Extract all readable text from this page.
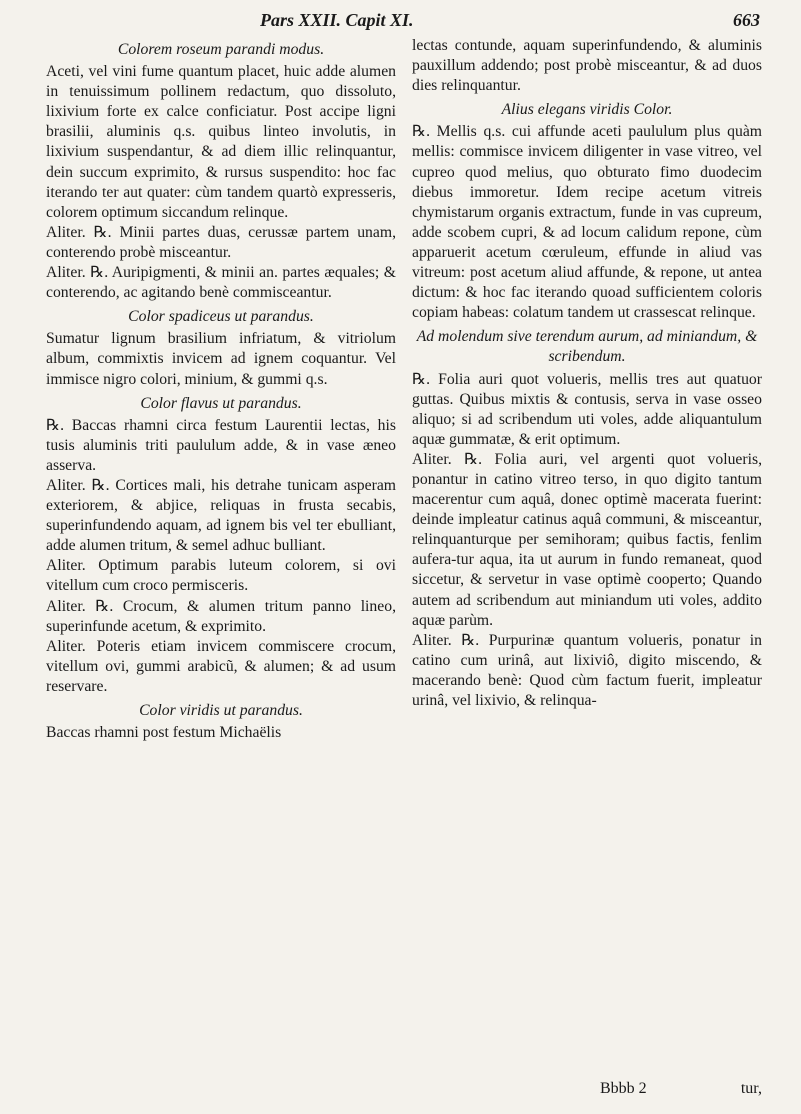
Pars XXII. Capit XI.	663

Colorem roseum parandi modus.

Aceti, vel vini fume quantum placet, huic adde alumen in tenuissimum pollinem redactum, quo dissoluto, lixivium forte ex calce conficiatur. Post accipe ligni brasilii, aluminis q.s. quibus linteo involutis, in lixivium suspendantur, & ad diem illic relinquantur, dein succum exprimito, & rursus suspendito: hoc fac iterando ter aut quater: cùm tandem quartò expresseris, colorem optimum siccandum relinque.

Aliter. ℞. Minii partes duas, cerussæ partem unam, conterendo probè misceantur.

Aliter. ℞. Auripigmenti, & minii an. partes æquales; & conterendo, ac agitando benè commisceantur.

Color spadiceus ut parandus.

Sumatur lignum brasilium infriatum, & vitriolum album, commixtis invicem ad ignem coquantur. Vel immisce nigro colori, minium, & gummi q.s.

Color flavus ut parandus.

℞. Baccas rhamni circa festum Laurentii lectas, his tusis aluminis triti paululum adde, & in vase æneo asserva.

Aliter. ℞. Cortices mali, his detrahe tunicam asperam exteriorem, & abjice, reliquas in frusta secabis, superinfundendo aquam, ad ignem bis vel ter ebulliant, adde alumen tritum, & semel adhuc bulliant.

Aliter. Optimum parabis luteum colorem, si ovi vitellum cum croco permisceris.

Aliter. ℞. Crocum, & alumen tritum panno lineo, superinfunde acetum, & exprimito.

Aliter. Poteris etiam invicem commiscere crocum, vitellum ovi, gummi arabicũ, & alumen; & ad usum reservare.

Color viridis ut parandus.

Baccas rhamni post festum Michaëlis

lectas contunde, aquam superinfundendo, & aluminis pauxillum addendo; post probè misceantur, & ad duos dies relinquantur.

Alius elegans viridis Color.

℞. Mellis q.s. cui affunde aceti paululum plus quàm mellis: commisce invicem diligenter in vase vitreo, vel cupreo quod melius, quo obturato fimo duodecim diebus immoretur. Idem recipe acetum vitreis chymistarum organis extractum, funde in vas cupreum, adde scobem cupri, & ad locum calidum repone, cùm apparuerit acetum cœruleum, effunde in aliud vas vitreum: post acetum aliud affunde, & repone, ut antea dictum: & hoc fac iterando quoad sufficientem coloris copiam habeas: colatum tandem ut crassescat relinque.

Ad molendum sive terendum aurum, ad miniandum, & scribendum.

℞. Folia auri quot volueris, mellis tres aut quatuor guttas. Quibus mixtis & contusis, serva in vase osseo aliquo; si ad scribendum uti voles, adde aliquantulum aquæ gummatæ, & erit optimum.

Aliter. ℞. Folia auri, vel argenti quot volueris, ponantur in catino vitreo terso, in quo digito tantum macerentur cum aquâ, donec optimè macerata fuerint: deinde impleatur catinus aquâ communi, & misceantur, relinquanturque per semihoram; quibus factis, fenlim aufera-tur aqua, ita ut aurum in fundo remaneat, quod siccetur, & servetur in vase optimè cooperto; Quando autem ad scribendum aut miniandum uti voles, addito aquæ parùm.

Aliter. ℞. Purpurinæ quantum volueris, ponatur in catino cum urinâ, aut lixiviô, digito miscendo, & macerando benè: Quod cùm factum fuerit, impleatur urinâ, vel lixivio, & relinqua-

Bbbb 2	tur,
